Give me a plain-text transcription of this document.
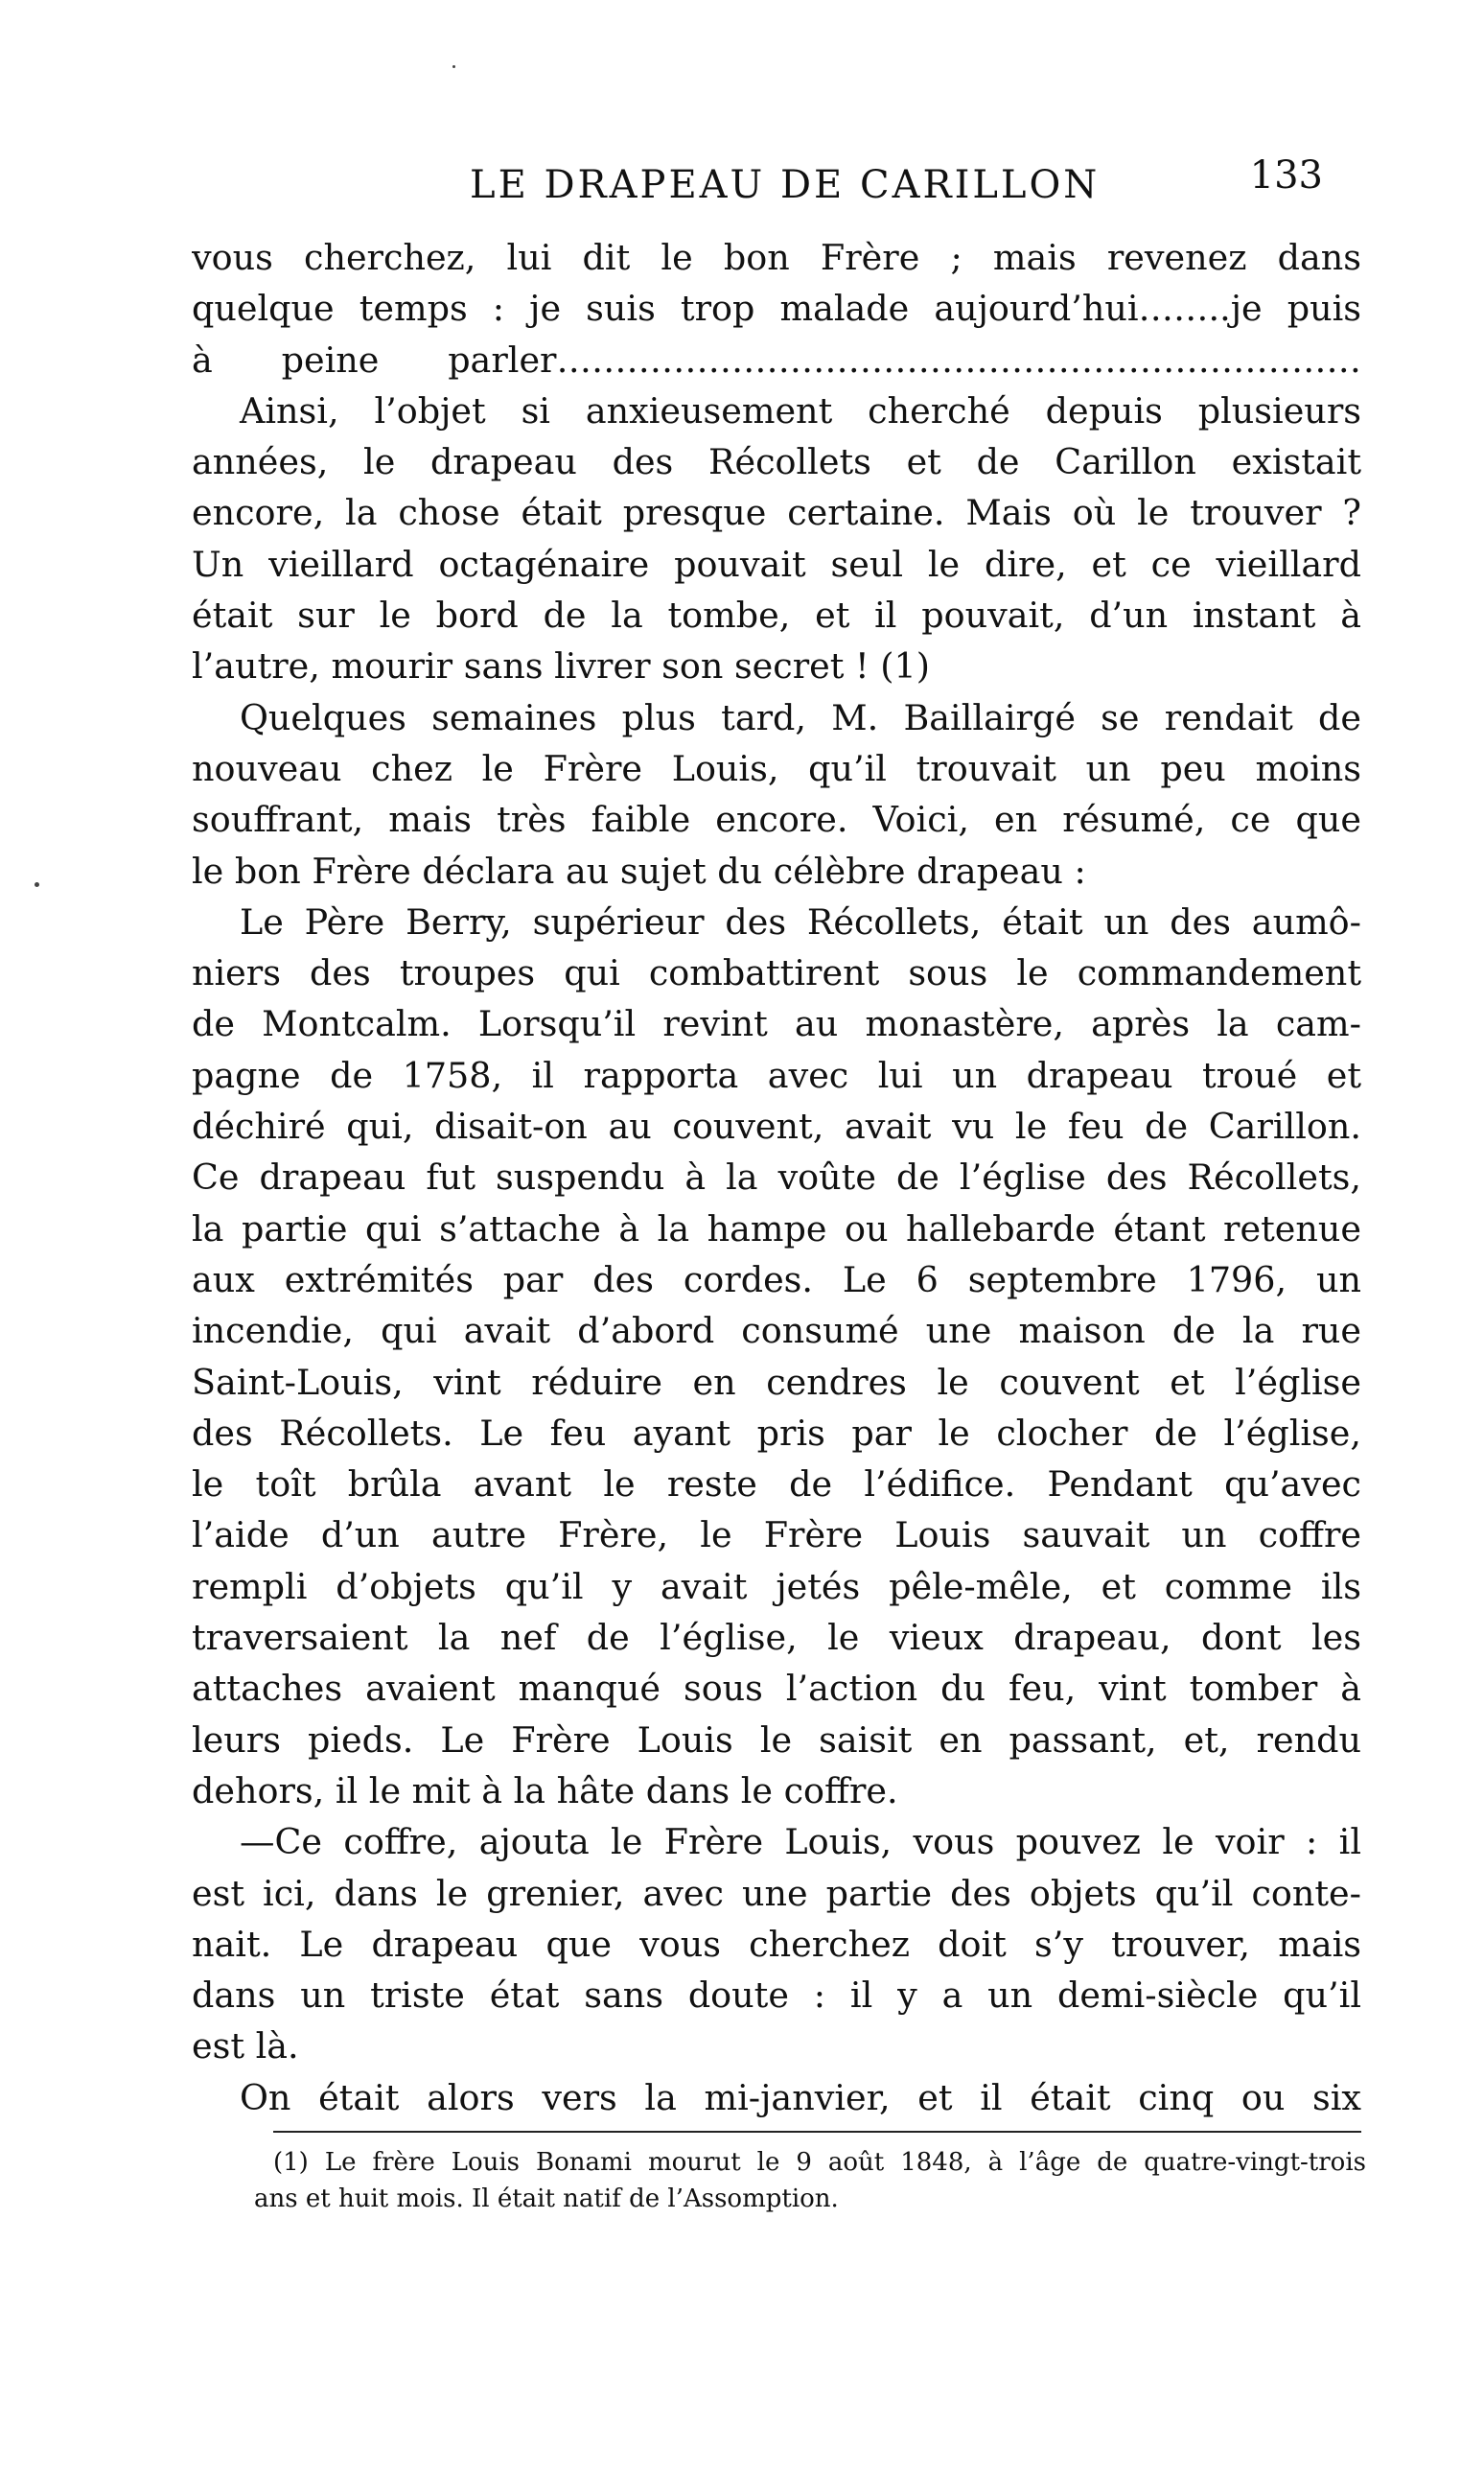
LE DRAPEAU DE CARILLON	133
vous cherchez, lui dit le bon Frère ; mais revenez dans
quelque temps : je suis trop malade aujourd’hui……..je puis
à peine parler……………………………………………………………
Ainsi, l’objet si anxieusement cherché depuis plusieurs
années, le drapeau des Récollets et de Carillon existait
encore, la chose était presque certaine. Mais où le trouver ?
Un vieillard octagénaire pouvait seul le dire, et ce vieillard
était sur le bord de la tombe, et il pouvait, d’un instant à
l’autre, mourir sans livrer son secret ! (1)
Quelques semaines plus tard, M. Baillairgé se rendait de
nouveau chez le Frère Louis, qu’il trouvait un peu moins
souffrant, mais très faible encore. Voici, en résumé, ce que
le bon Frère déclara au sujet du célèbre drapeau :
Le Père Berry, supérieur des Récollets, était un des aumô-
niers des troupes qui combattirent sous le commandement
de Montcalm. Lorsqu’il revint au monastère, après la cam-
pagne de 1758, il rapporta avec lui un drapeau troué et
déchiré qui, disait-on au couvent, avait vu le feu de Carillon.
Ce drapeau fut suspendu à la voûte de l’église des Récollets,
la partie qui s’attache à la hampe ou hallebarde étant retenue
aux extrémités par des cordes. Le 6 septembre 1796, un
incendie, qui avait d’abord consumé une maison de la rue
Saint-Louis, vint réduire en cendres le couvent et l’église
des Récollets. Le feu ayant pris par le clocher de l’église,
le toît brûla avant le reste de l’édifice. Pendant qu’avec
l’aide d’un autre Frère, le Frère Louis sauvait un coffre
rempli d’objets qu’il y avait jetés pêle-mêle, et comme ils
traversaient la nef de l’église, le vieux drapeau, dont les
attaches avaient manqué sous l’action du feu, vint tomber à
leurs pieds. Le Frère Louis le saisit en passant, et, rendu
dehors, il le mit à la hâte dans le coffre.
—Ce coffre, ajouta le Frère Louis, vous pouvez le voir : il
est ici, dans le grenier, avec une partie des objets qu’il conte-
nait. Le drapeau que vous cherchez doit s’y trouver, mais
dans un triste état sans doute : il y a un demi-siècle qu’il
est là.
On était alors vers la mi-janvier, et il était cinq ou six
(1) Le frère Louis Bonami mourut le 9 août 1848, à l’âge de quatre-vingt-trois
ans et huit mois. Il était natif de l’Assomption.
